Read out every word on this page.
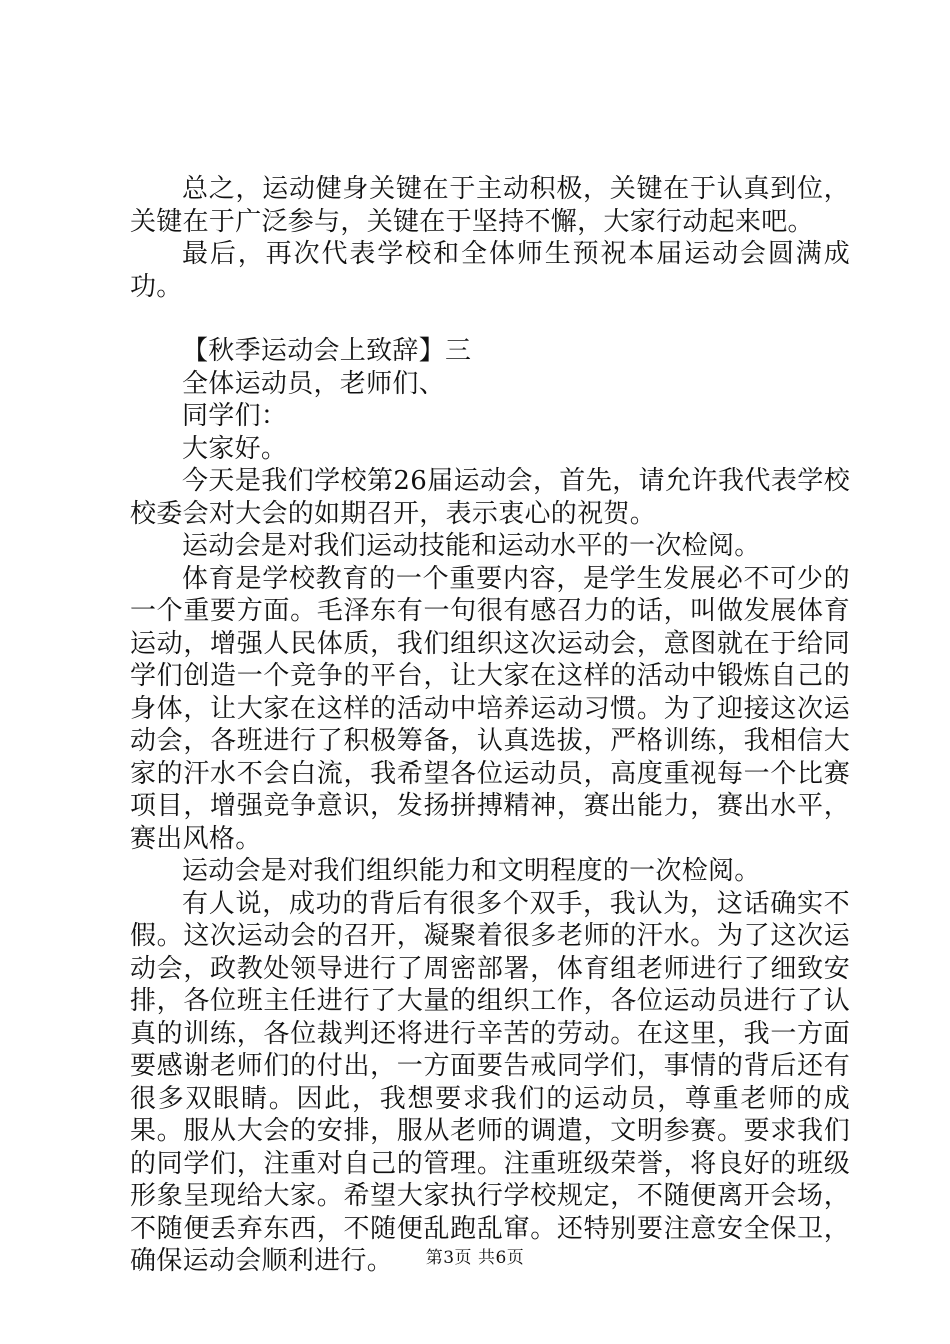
总之，运动健身关键在于主动积极，关键在于认真到位，关键在于广泛参与，关键在于坚持不懈，大家行动起来吧。

最后，再次代表学校和全体师生预祝本届运动会圆满成功。

【秋季运动会上致辞】三

全体运动员，老师们、

同学们：

大家好。

今天是我们学校第26届运动会，首先，请允许我代表学校校委会对大会的如期召开，表示衷心的祝贺。

运动会是对我们运动技能和运动水平的一次检阅。

体育是学校教育的一个重要内容，是学生发展必不可少的一个重要方面。毛泽东有一句很有感召力的话，叫做发展体育运动，增强人民体质，我们组织这次运动会，意图就在于给同学们创造一个竞争的平台，让大家在这样的活动中锻炼自己的身体，让大家在这样的活动中培养运动习惯。为了迎接这次运动会，各班进行了积极筹备，认真选拔，严格训练，我相信大家的汗水不会白流，我希望各位运动员，高度重视每一个比赛项目，增强竞争意识，发扬拼搏精神，赛出能力，赛出水平，赛出风格。

运动会是对我们组织能力和文明程度的一次检阅。

有人说，成功的背后有很多个双手，我认为，这话确实不假。这次运动会的召开，凝聚着很多老师的汗水。为了这次运动会，政教处领导进行了周密部署，体育组老师进行了细致安排，各位班主任进行了大量的组织工作，各位运动员进行了认真的训练，各位裁判还将进行辛苦的劳动。在这里，我一方面要感谢老师们的付出，一方面要告戒同学们，事情的背后还有很多双眼睛。因此，我想要求我们的运动员，尊重老师的成果。服从大会的安排，服从老师的调遣，文明参赛。要求我们的同学们，注重对自己的管理。注重班级荣誉，将良好的班级形象呈现给大家。希望大家执行学校规定，不随便离开会场，不随便丢弃东西，不随便乱跑乱窜。还特别要注意安全保卫，确保运动会顺利进行。	第3页 共6页
